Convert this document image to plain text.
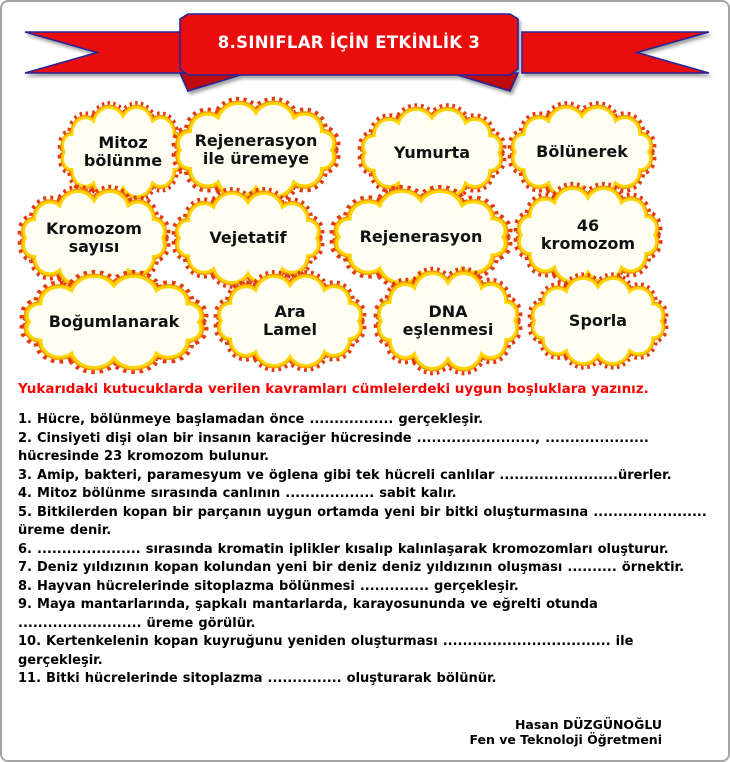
8.SINIFLAR İÇİN ETKİNLİK 3
Mitoz bölünme
Rejenerasyon ile üremeye	Yumurta	Bölünerek
Kromozom sayısı	Vejetatif	Rejenerasyon
46 kromozom
Boğumlanarak
Ara Lamel
DNA eşlenmesi	Sporla

Yukarıdaki kutucuklarda verilen kavramları cümlelerdeki uygun boşluklara yazınız.

1. Hücre, bölünmeye başlamadan önce ................. gerçekleşir.

2. Cinsiyeti dişi olan bir insanın karaciğer hücresinde ........................, ..................... hücresinde 23 kromozom bulunur.

3. Amip, bakteri, paramesyum ve öglena gibi tek hücreli canlılar ........................ürerler.

4. Mitoz bölünme sırasında canlının .................. sabit kalır.

5. Bitkilerden kopan bir parçanın uygun ortamda yeni bir bitki oluşturmasına ....................... üreme denir.

6. ..................... sırasında kromatin iplikler kısalıp kalınlaşarak kromozomları oluşturur.

7. Deniz yıldızının kopan kolundan yeni bir deniz deniz yıldızının oluşması .......... örnektir.

8. Hayvan hücrelerinde sitoplazma bölünmesi .............. gerçekleşir.

9. Maya mantarlarında, şapkalı mantarlarda, karayosununda ve eğrelti otunda ......................... üreme görülür.

10. Kertenkelenin kopan kuyruğunu yeniden oluşturması .................................. ile gerçekleşir.

11. Bitki hücrelerinde sitoplazma ............... oluşturarak bölünür.

Hasan DÜZGÜNOĞLU
Fen ve Teknoloji Öğretmeni
